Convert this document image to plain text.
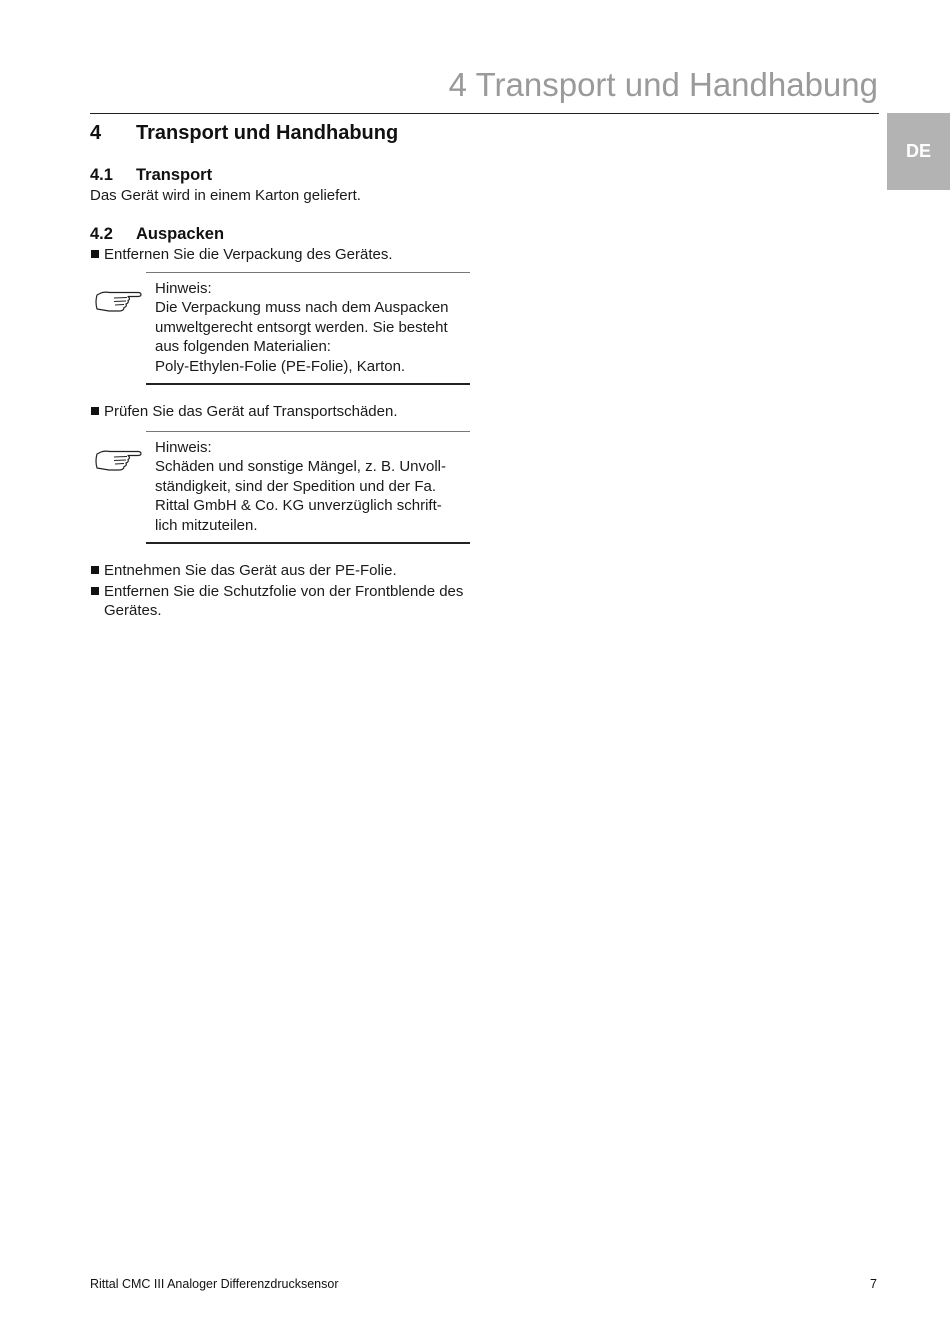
4 Transport und Handhabung
DE
4	Transport und Handhabung
4.1	Transport

Das Gerät wird in einem Karton geliefert.

4.2	Auspacken
Entfernen Sie die Verpackung des Gerätes.
Hinweis:
Die Verpackung muss nach dem Auspacken
umweltgerecht entsorgt werden. Sie besteht
aus folgenden Materialien:
Poly-Ethylen-Folie (PE-Folie), Karton.
Prüfen Sie das Gerät auf Transportschäden.
Hinweis:
Schäden und sonstige Mängel, z. B. Unvoll-
ständigkeit, sind der Spedition und der Fa.
Rittal GmbH & Co. KG unverzüglich schrift-
lich mitzuteilen.
Entnehmen Sie das Gerät aus der PE-Folie.
Entfernen Sie die Schutzfolie von der Frontblende des
Gerätes.
Rittal CMC III Analoger Differenzdrucksensor	7
